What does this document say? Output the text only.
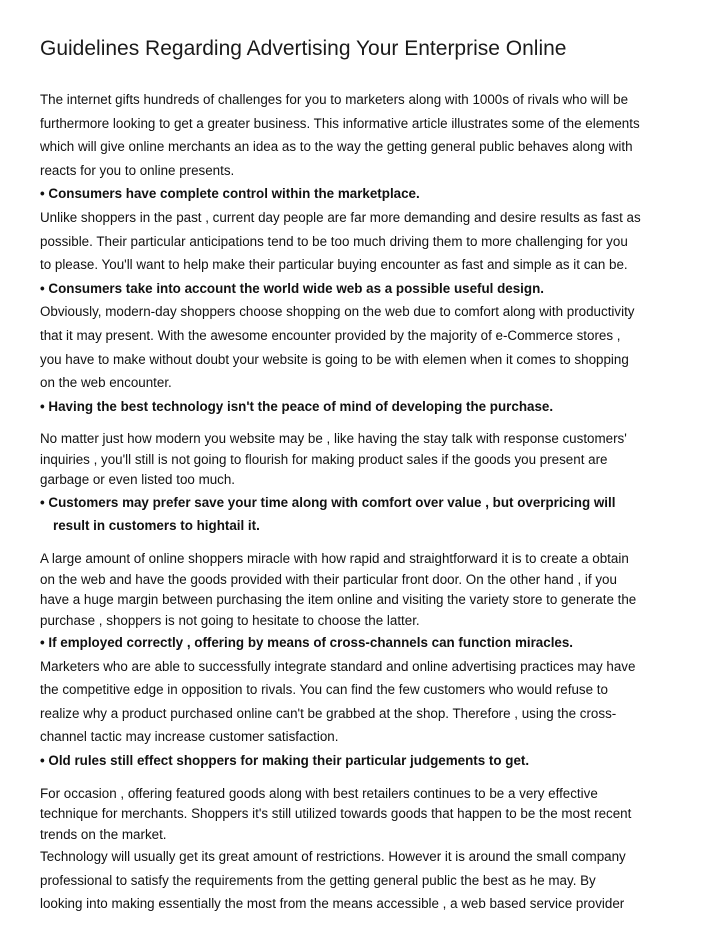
Guidelines Regarding Advertising Your Enterprise Online
The internet gifts hundreds of challenges for you to marketers along with 1000s of rivals who will be
furthermore looking to get a greater business. This informative article illustrates some of the elements
which will give online merchants an idea as to the way the getting general public behaves along with
reacts for you to online presents.
• Consumers have complete control within the marketplace.
Unlike shoppers in the past , current day people are far more demanding and desire results as fast as
possible. Their particular anticipations tend to be too much driving them to more challenging for you
to please. You'll want to help make their particular buying encounter as fast and simple as it can be.
• Consumers take into account the world wide web as a possible useful design.
Obviously, modern-day shoppers choose shopping on the web due to comfort along with productivity
that it may present. With the awesome encounter provided by the majority of e-Commerce stores ,
you have to make without doubt your website is going to be with elemen when it comes to shopping
on the web encounter.
• Having the best technology isn't the peace of mind of developing the purchase.
No matter just how modern you website may be , like having the stay talk with response customers'
inquiries , you'll still is not going to flourish for making product sales if the goods you present are
garbage or even listed too much.
• Customers may prefer save your time along with comfort over value , but overpricing will
result in customers to hightail it.
A large amount of online shoppers miracle with how rapid and straightforward it is to create a obtain
on the web and have the goods provided with their particular front door. On the other hand , if you
have a huge margin between purchasing the item online and visiting the variety store to generate the
purchase , shoppers is not going to hesitate to choose the latter.
• If employed correctly , offering by means of cross-channels can function miracles.
Marketers who are able to successfully integrate standard and online advertising practices may have
the competitive edge in opposition to rivals. You can find the few customers who would refuse to
realize why a product purchased online can't be grabbed at the shop. Therefore , using the cross-
channel tactic may increase customer satisfaction.
• Old rules still effect shoppers for making their particular judgements to get.
For occasion , offering featured goods along with best retailers continues to be a very effective
technique for merchants. Shoppers it's still utilized towards goods that happen to be the most recent
trends on the market.
Technology will usually get its great amount of restrictions. However it is around the small company
professional to satisfy the requirements from the getting general public the best as he may. By
looking into making essentially the most from the means accessible , a web based service provider
